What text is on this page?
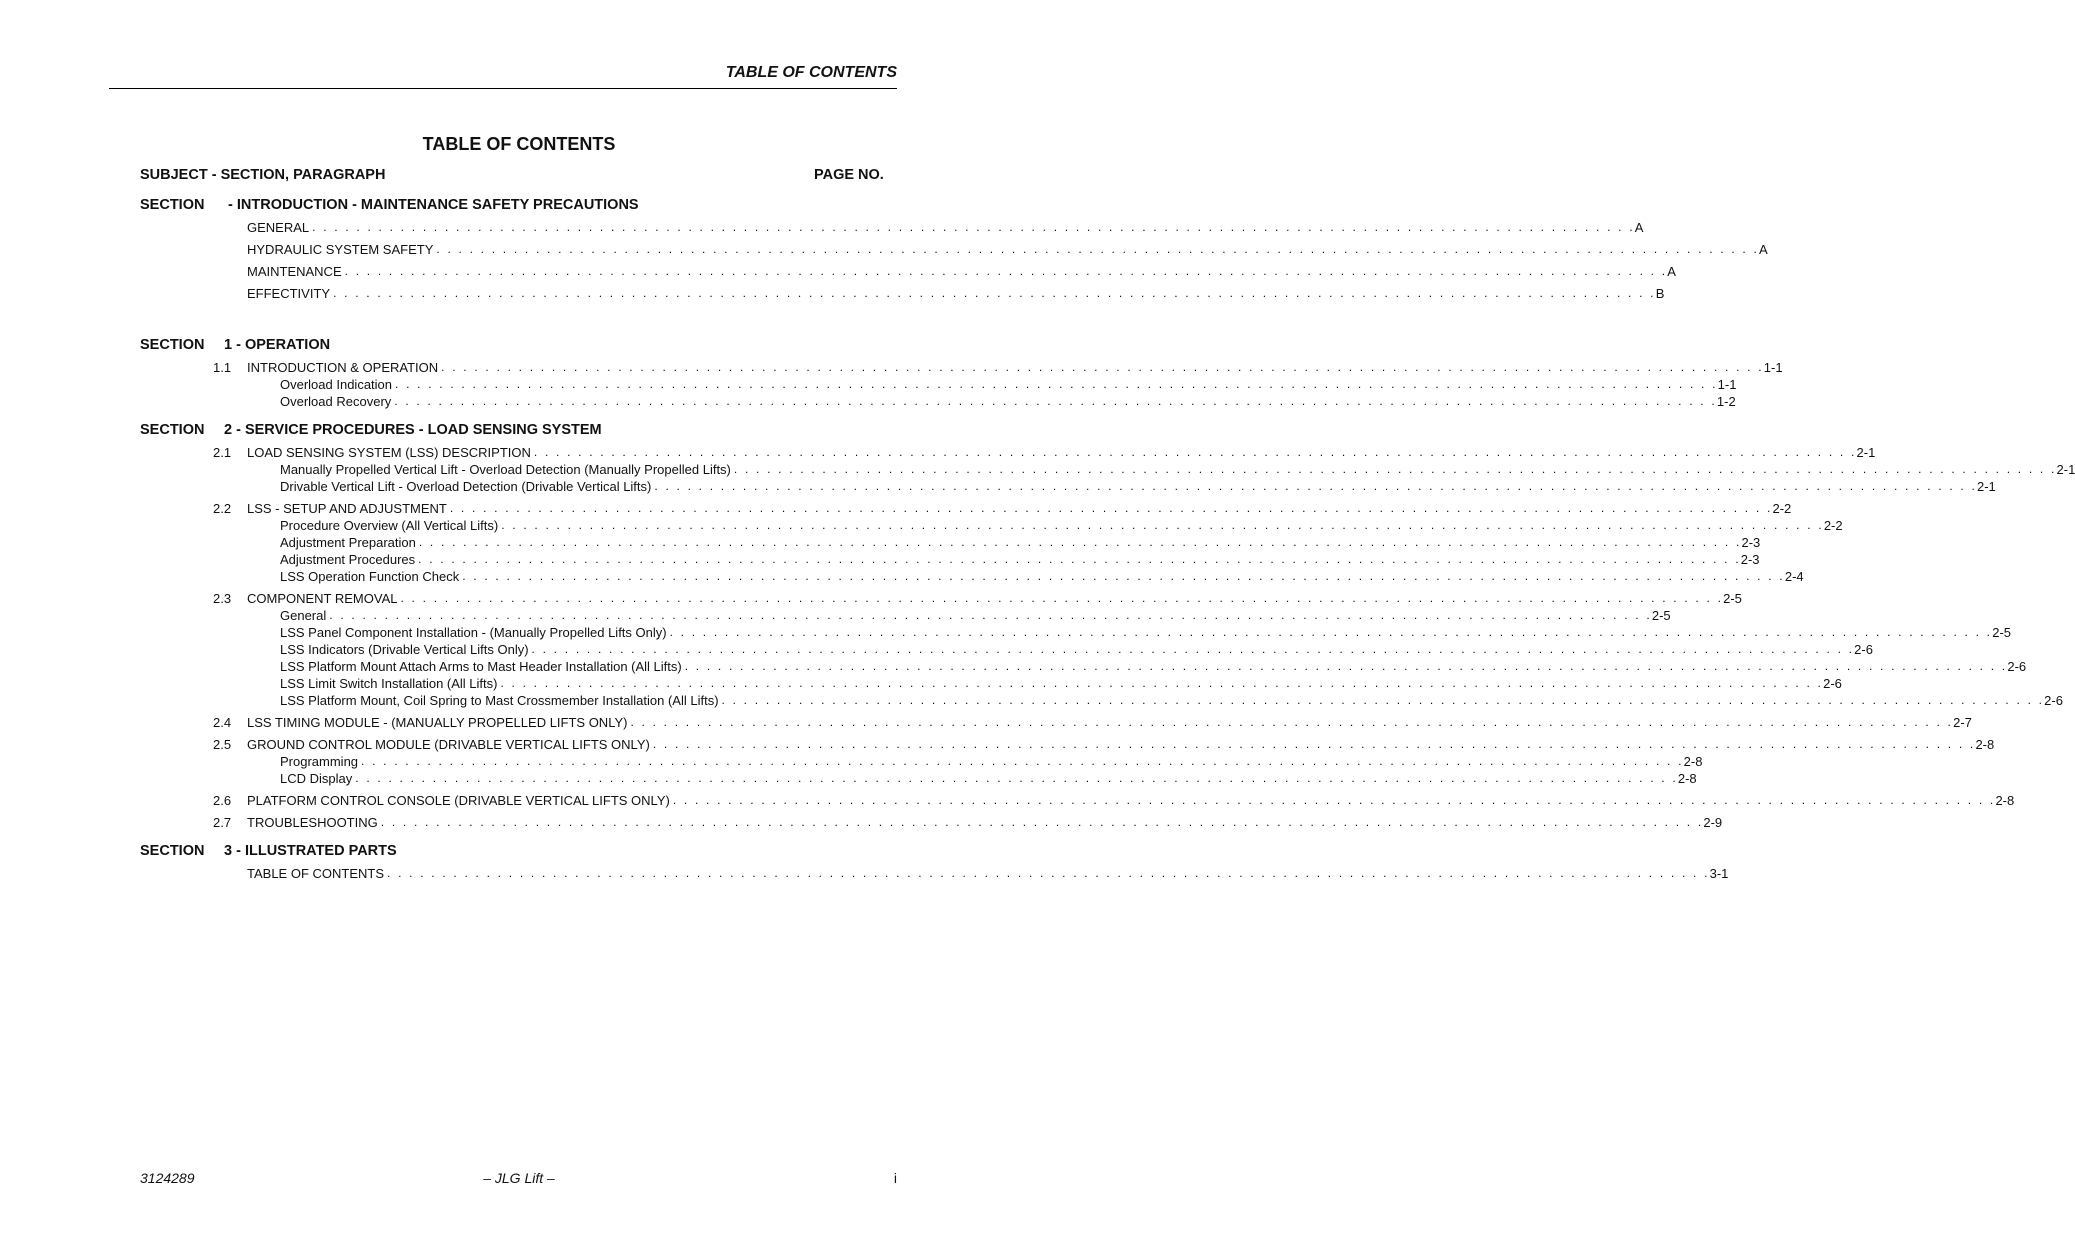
TABLE OF CONTENTS
TABLE OF CONTENTS
SUBJECT - SECTION, PARAGRAPH	PAGE NO.
SECTION - INTRODUCTION - MAINTENANCE SAFETY PRECAUTIONS
GENERAL . . . . . . . . . . . . . . . . . . . . . . . . . . . . . . . . . . . . . . . . . . . . . . . . . . . . . . . . . . . . . . . . . . . . . . . . . . . . . . . . . . . . . . . . . . . . . . . . . . . . . . . . . . . . . . . . . . . . . . . . A
HYDRAULIC SYSTEM SAFETY . . . . . . . . . . . . . . . . . . . . . . . . . . . . . . . . . . . . . . . . . . . . . . . . . . . . . . . . . . . . . . . . . . . . . . . . . . . . . . . . . . . . . . . . . . . . . . . . . . . . . . . . . . . . . . . . . . . . . . . . A
MAINTENANCE . . . . . . . . . . . . . . . . . . . . . . . . . . . . . . . . . . . . . . . . . . . . . . . . . . . . . . . . . . . . . . . . . . . . . . . . . . . . . . . . . . . . . . . . . . . . . . . . . . . . . . . . . . . . . . . . . . . . . . . . A
EFFECTIVITY . . . . . . . . . . . . . . . . . . . . . . . . . . . . . . . . . . . . . . . . . . . . . . . . . . . . . . . . . . . . . . . . . . . . . . . . . . . . . . . . . . . . . . . . . . . . . . . . . . . . . . . . . . . . . . . . . . . . . . . . B
SECTION 1 - OPERATION
1.1	INTRODUCTION & OPERATION . . . . . . . . . . . . . . . . . . . . . . . . . . . . . . . . . . . . . . . . . . . . . . . . . . . . . . . . . . . . . . . . . . . . . . . . . . . . . . . . . . . . . . . . . . . . . . . . . . . . . . . . . . . . . . . . . . . . . . . . 1-1
Overload Indication . . . . . . . . . . . . . . . . . . . . . . . . . . . . . . . . . . . . . . . . . . . . . . . . . . . . . . . . . . . . . . . . . . . . . . . . . . . . . . . . . . . . . . . . . . . . . . . . . . . . . . . . . . . . . . . . . . . . . . . . 1-1
Overload Recovery . . . . . . . . . . . . . . . . . . . . . . . . . . . . . . . . . . . . . . . . . . . . . . . . . . . . . . . . . . . . . . . . . . . . . . . . . . . . . . . . . . . . . . . . . . . . . . . . . . . . . . . . . . . . . . . . . . . . . . . . 1-2
SECTION 2 - SERVICE PROCEDURES - LOAD SENSING SYSTEM
2.1	LOAD SENSING SYSTEM (LSS) DESCRIPTION . . . . . . . . . . . . . . . . . . . . . . . . . . . . . . . . . . . . . . . . . . . . . . . . . . . . . . . . . . . . . . . . . . . . . . . . . . . . . . . . . . . . . . . . . . . . . . . . . . . . . . . . . . . . . . . . . . . . . . . . 2-1
Manually Propelled Vertical Lift - Overload Detection (Manually Propelled Lifts) . . . . . . . . . . . . . . . . . . . . . . . . . . . . . . . . . . . . . . . . . . . . . . . . . . . . . . . . . . . . . . . . . . . . . . . . . . . . . . . . . . . . . . . . . . . . . . . . . . . . . . . . . . . . . . . . . . . . . . . . 2-1
Drivable Vertical Lift - Overload Detection (Drivable Vertical Lifts) . . . . . . . . . . . . . . . . . . . . . . . . . . . . . . . . . . . . . . . . . . . . . . . . . . . . . . . . . . . . . . . . . . . . . . . . . . . . . . . . . . . . . . . . . . . . . . . . . . . . . . . . . . . . . . . . . . . . . . . . 2-1
2.2	LSS - SETUP AND ADJUSTMENT . . . . . . . . . . . . . . . . . . . . . . . . . . . . . . . . . . . . . . . . . . . . . . . . . . . . . . . . . . . . . . . . . . . . . . . . . . . . . . . . . . . . . . . . . . . . . . . . . . . . . . . . . . . . . . . . . . . . . . . . 2-2
Procedure Overview (All Vertical Lifts) . . . . . . . . . . . . . . . . . . . . . . . . . . . . . . . . . . . . . . . . . . . . . . . . . . . . . . . . . . . . . . . . . . . . . . . . . . . . . . . . . . . . . . . . . . . . . . . . . . . . . . . . . . . . . . . . . . . . . . . . 2-2
Adjustment Preparation . . . . . . . . . . . . . . . . . . . . . . . . . . . . . . . . . . . . . . . . . . . . . . . . . . . . . . . . . . . . . . . . . . . . . . . . . . . . . . . . . . . . . . . . . . . . . . . . . . . . . . . . . . . . . . . . . . . . . . . . 2-3
Adjustment Procedures . . . . . . . . . . . . . . . . . . . . . . . . . . . . . . . . . . . . . . . . . . . . . . . . . . . . . . . . . . . . . . . . . . . . . . . . . . . . . . . . . . . . . . . . . . . . . . . . . . . . . . . . . . . . . . . . . . . . . . . . 2-3
LSS Operation Function Check . . . . . . . . . . . . . . . . . . . . . . . . . . . . . . . . . . . . . . . . . . . . . . . . . . . . . . . . . . . . . . . . . . . . . . . . . . . . . . . . . . . . . . . . . . . . . . . . . . . . . . . . . . . . . . . . . . . . . . . . 2-4
2.3	COMPONENT REMOVAL . . . . . . . . . . . . . . . . . . . . . . . . . . . . . . . . . . . . . . . . . . . . . . . . . . . . . . . . . . . . . . . . . . . . . . . . . . . . . . . . . . . . . . . . . . . . . . . . . . . . . . . . . . . . . . . . . . . . . . . . 2-5
General . . . . . . . . . . . . . . . . . . . . . . . . . . . . . . . . . . . . . . . . . . . . . . . . . . . . . . . . . . . . . . . . . . . . . . . . . . . . . . . . . . . . . . . . . . . . . . . . . . . . . . . . . . . . . . . . . . . . . . . . 2-5
LSS Panel Component Installation - (Manually Propelled Lifts Only) . . . . . . . . . . . . . . . . . . . . . . . . . . . . . . . . . . . . . . . . . . . . . . . . . . . . . . . . . . . . . . . . . . . . . . . . . . . . . . . . . . . . . . . . . . . . . . . . . . . . . . . . . . . . . . . . . . . . . . . . 2-5
LSS Indicators (Drivable Vertical Lifts Only) . . . . . . . . . . . . . . . . . . . . . . . . . . . . . . . . . . . . . . . . . . . . . . . . . . . . . . . . . . . . . . . . . . . . . . . . . . . . . . . . . . . . . . . . . . . . . . . . . . . . . . . . . . . . . . . . . . . . . . . . 2-6
LSS Platform Mount Attach Arms to Mast Header Installation (All Lifts) . . . . . . . . . . . . . . . . . . . . . . . . . . . . . . . . . . . . . . . . . . . . . . . . . . . . . . . . . . . . . . . . . . . . . . . . . . . . . . . . . . . . . . . . . . . . . . . . . . . . . . . . . . . . . . . . . . . . . . . . 2-6
LSS Limit Switch Installation (All Lifts) . . . . . . . . . . . . . . . . . . . . . . . . . . . . . . . . . . . . . . . . . . . . . . . . . . . . . . . . . . . . . . . . . . . . . . . . . . . . . . . . . . . . . . . . . . . . . . . . . . . . . . . . . . . . . . . . . . . . . . . . 2-6
LSS Platform Mount, Coil Spring to Mast Crossmember Installation (All Lifts) . . . . . . . . . . . . . . . . . . . . . . . . . . . . . . . . . . . . . . . . . . . . . . . . . . . . . . . . . . . . . . . . . . . . . . . . . . . . . . . . . . . . . . . . . . . . . . . . . . . . . . . . . . . . . . . . . . . . . . . . 2-6
2.4	LSS TIMING MODULE - (MANUALLY PROPELLED LIFTS ONLY) . . . . . . . . . . . . . . . . . . . . . . . . . . . . . . . . . . . . . . . . . . . . . . . . . . . . . . . . . . . . . . . . . . . . . . . . . . . . . . . . . . . . . . . . . . . . . . . . . . . . . . . . . . . . . . . . . . . . . . . . 2-7
2.5	GROUND CONTROL MODULE (DRIVABLE VERTICAL LIFTS ONLY) . . . . . . . . . . . . . . . . . . . . . . . . . . . . . . . . . . . . . . . . . . . . . . . . . . . . . . . . . . . . . . . . . . . . . . . . . . . . . . . . . . . . . . . . . . . . . . . . . . . . . . . . . . . . . . . . . . . . . . . . 2-8
Programming . . . . . . . . . . . . . . . . . . . . . . . . . . . . . . . . . . . . . . . . . . . . . . . . . . . . . . . . . . . . . . . . . . . . . . . . . . . . . . . . . . . . . . . . . . . . . . . . . . . . . . . . . . . . . . . . . . . . . . . . 2-8
LCD Display . . . . . . . . . . . . . . . . . . . . . . . . . . . . . . . . . . . . . . . . . . . . . . . . . . . . . . . . . . . . . . . . . . . . . . . . . . . . . . . . . . . . . . . . . . . . . . . . . . . . . . . . . . . . . . . . . . . . . . . . 2-8
2.6	PLATFORM CONTROL CONSOLE (DRIVABLE VERTICAL LIFTS ONLY) . . . . . . . . . . . . . . . . . . . . . . . . . . . . . . . . . . . . . . . . . . . . . . . . . . . . . . . . . . . . . . . . . . . . . . . . . . . . . . . . . . . . . . . . . . . . . . . . . . . . . . . . . . . . . . . . . . . . . . . . 2-8
2.7	TROUBLESHOOTING . . . . . . . . . . . . . . . . . . . . . . . . . . . . . . . . . . . . . . . . . . . . . . . . . . . . . . . . . . . . . . . . . . . . . . . . . . . . . . . . . . . . . . . . . . . . . . . . . . . . . . . . . . . . . . . . . . . . . . . . 2-9
SECTION 3 - ILLUSTRATED PARTS
TABLE OF CONTENTS . . . . . . . . . . . . . . . . . . . . . . . . . . . . . . . . . . . . . . . . . . . . . . . . . . . . . . . . . . . . . . . . . . . . . . . . . . . . . . . . . . . . . . . . . . . . . . . . . . . . . . . . . . . . . . . . . . . . . . . . 3-1
3124289	– JLG Lift –	i
